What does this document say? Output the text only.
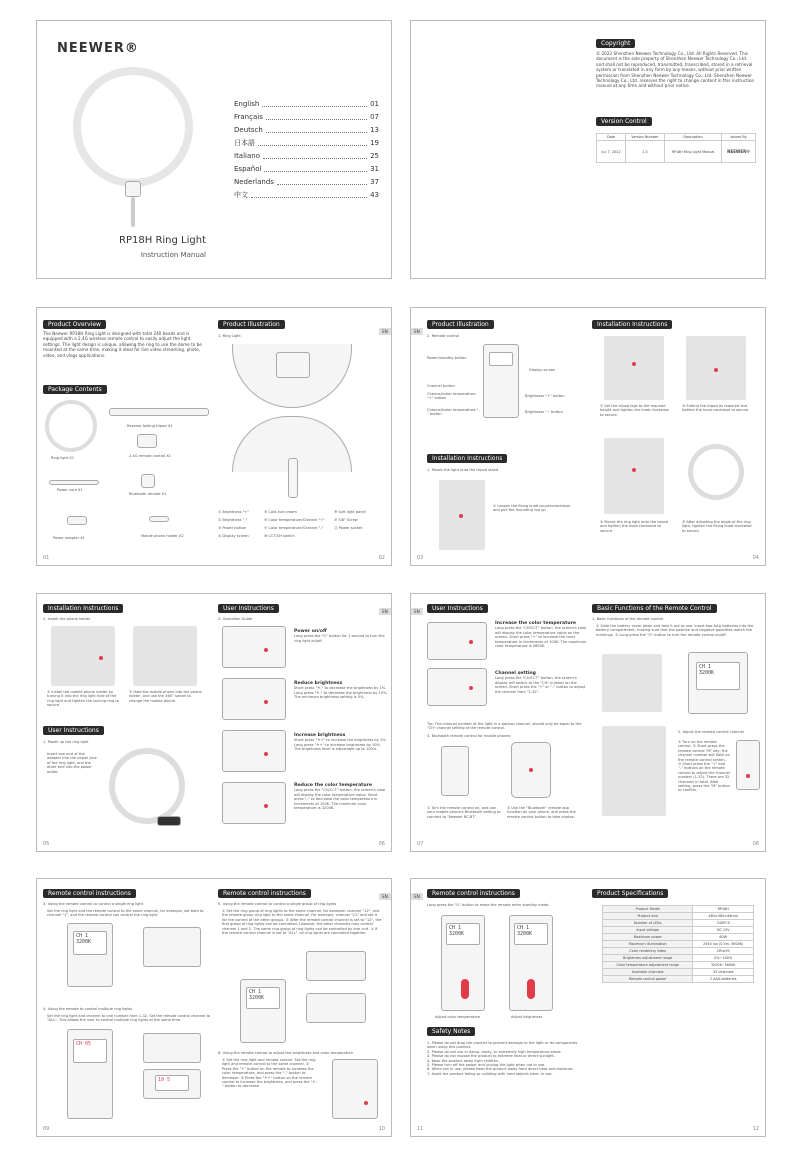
NEEWER®
RP18H Ring Light
Instruction Manual
English	01
Français	07
Deutsch	13
日本語	19
Italiano	25
Español	31
Nederlands	37
中文	43
Copyright
© 2022 Shenzhen Neewer Technology Co., Ltd. All Rights Reserved. This document is the sole property of Shenzhen Neewer Technology Co., Ltd. and shall not be reproduced, transmitted, transcribed, stored in a retrieval system or translated in any form by any means, without prior written permission from Shenzhen Neewer Technology Co., Ltd. Shenzhen Neewer Technology Co., Ltd. reserves the right to change content in this instruction manual at any time and without prior notice.
Version Control
Date	Version Number	Description	Issued By
Jul. 7, 2022	1.0	RP18H Ring Light Manual	NEEWER®
Product Overview
The Neewer RP18H Ring Light is designed with total 240 beads and is equipped with a 2.4G wireless remote control to easily adjust the light settings. The light design is unique, allowing the ring to use the dome to be mounted at the same time, making it ideal for live video streaming, photo, video, and vlogs applications.
Package Contents
Ring light X1
Reverse folding tripod X1
2.4G remote control X1
Power cord X1
Bluetooth remote X1
Power adapter X1	Mobile phone holder X2
01
Product Illustration
EN
1. Ring Light
① Brightness "+"
② Brightness "-"
③ Power button
④ Display screen
⑤ Cold-hue cream
⑥ Color temperature/Channel "+"
⑦ Color temperature/Channel "-"
⑧ CCT/CH switch
⑨ Soft light panel
⑩ 5/8" Screw
⑪ Power socket
02
EN
Product Illustration
2. Remote control
Power/standby button
Display screen
Channel button
Channel/color temperature "+" button
Channel/color temperature "-" button
Brightness "+" button
Brightness "-" button
Installation Instructions
1. Mount the light onto the tripod stand
① Loosen the fixing knob counterclockwise and pull the mounting rod up
03
Installation Instructions
② Set the tripod legs to the required height and tighten the knob clockwise to secure.
③ Extend the tripod as required and tighten the knob clockwise to secure.
④ Mount the ring light onto the tripod and tighten the knob clockwise to secure.
⑤ After adjusting the angle of the ring light, tighten the fixing knob clockwise to secure.
04
Installation Instructions
2. Install the phone holder
① Install the mobile phone holder by turning it into the ring light hole of the ring light and tighten the locking ring to secure.
② Hold the mobile phone into the phone holder, and use the 360° swivel to change the mobile phone.
User Instructions
1. Power up the ring light
Insert one end of the adapter into the power jack of the ring light, and the other end into the power outlet.
05
User Instructions	EN
2. Operation Guide
Power on/off
Long press the "⏻" button for 1 second to turn the ring light on/off.
Reduce brightness
Short press "☀-" to decrease the brightness by 1%. Long press "☀-" to decrease the brightness by 10%. The minimum brightness setting is 0%.
Increase brightness
Short press "☀+" to increase the brightness by 1%. Long press "☀+" to increase brightness by 10%. The brightness level is adjustable up to 100%.
Reduce the color temperature
Long press the "CH/CCT" button, the screen's color will display the color temperature value. Short press "–" to decrease the color temperature in increments of 100K. The minimum color temperature is 3200K.
06
EN	User Instructions
Increase the color temperature
Long press the "CH/CCT" button, the screen's color will display the color temperature value on the screen. Short press "+" to increase the color temperature in increments of 100K. The maximum color temperature is 5600K.
Channel setting
Long press the "CH/CCT" button, the screen's display will switch to the "CH" number on the screen. Short press the "+" or "–" button to adjust the channel from "1-32".
Tip: The channel number of the light in a backup channel, should only be equal to the "CH" channel setting of the remote control.
3. Bluetooth remote control for mobile phones
① Turn the remote control on, and use your mobile phone's Bluetooth setting to connect to "Neewer RC-BT".
② Use the "Bluetooth" remote app function on your phone, and press the remote control button to take photos.
07
Basic Functions of the Remote Control
1. Basic functions of the remote control
① Slide the battery cover down and take it out to use. Insert two AAA batteries into the battery compartment, making sure that the positive and negative polarities match the markings. ② Long press the "⏻" button to turn the remote control on/off.
CH 1
3200K
2. Adjust the remote control channel
① Turn on the remote control. ② Short press the remote control "M" key; the channel number will flash on the remote control screen. ③ Short press the "+" and "–" buttons on the remote control to adjust the channel number (1-32). There are 32 channels in total. After setting, press the "M" button to confirm.
08
Remote control instructions
3. Using the remote control to control a single ring light
Set the ring light and the remote control to the same channel, for example, set both to channel "1", and the remote control can control the ring light.
CH 1
3200K
4. Using the remote to control multiple ring lights
Set the ring light and channel to one number from 1-32. Set the remote control channel to "ALL". This allows the user to control multiple ring lights at the same time.
CH 05
10 5
09
Remote control instructions	EN
5. Using the remote control to control a single group of ring lights
① Set the ring group of ring lights to the same channel, for example: channel "12", and the remote group ring light to the same channel. For example, channel "12" and set it for the control of the other groups. ② After the remote control channel is set to "12", the first group of ring lights can be controlled. Likewise, the other channels may control channel 1 and 2. The same ring group of ring lights can be controlled by one unit. ③ If the remote control channel is set to "ALL", all ring lights are controlled together.
CH 1
3200K
6. Using the remote control to adjust the brightness and color temperature
① Set the ring light and remote control. Set the ring light and remote control to the same channel. ② Press the "+" button on the remote to increase the color temperature, and press the "–" button to decrease. ③ Press the "☀+" button on the remote control to increase the brightness, and press the "☀-" button to decrease.
10
EN	Remote control instructions
Long press the "⏻" button to make the remote enter standby mode.
CH 1
3200K
CH 1
3200K
Adjust color temperature	Adjust brightness
Safety Notes
1. Please do not drop the product to prevent damage to the light or its components when using this product.
2. Please do not use in damp, dusty, or extremely high temperature areas.
3. Please do not expose the product to extreme heat or direct sunlight.
4. Keep the product away from children.
5. Please turn off the power and unplug the light when not in use.
6. When not in use, please keep the product away from direct heat and moisture.
7. Avoid the product falling or colliding with hard objects when in use.
11
Product Specifications
Product Model	RP18H
Product size	480×480×44mm
Number of LEDs	240PCS
Input voltage	DC 15V
Maximum power	60W
Maximum illumination	2540 lux (0.5m, 5600K)
Color rendering index	CRI≥95
Brightness adjustment range	0%~100%
Color temperature adjustment range	3200K~5600K
Available channels	32 channels
Remote control power	2 AAA batteries
12
